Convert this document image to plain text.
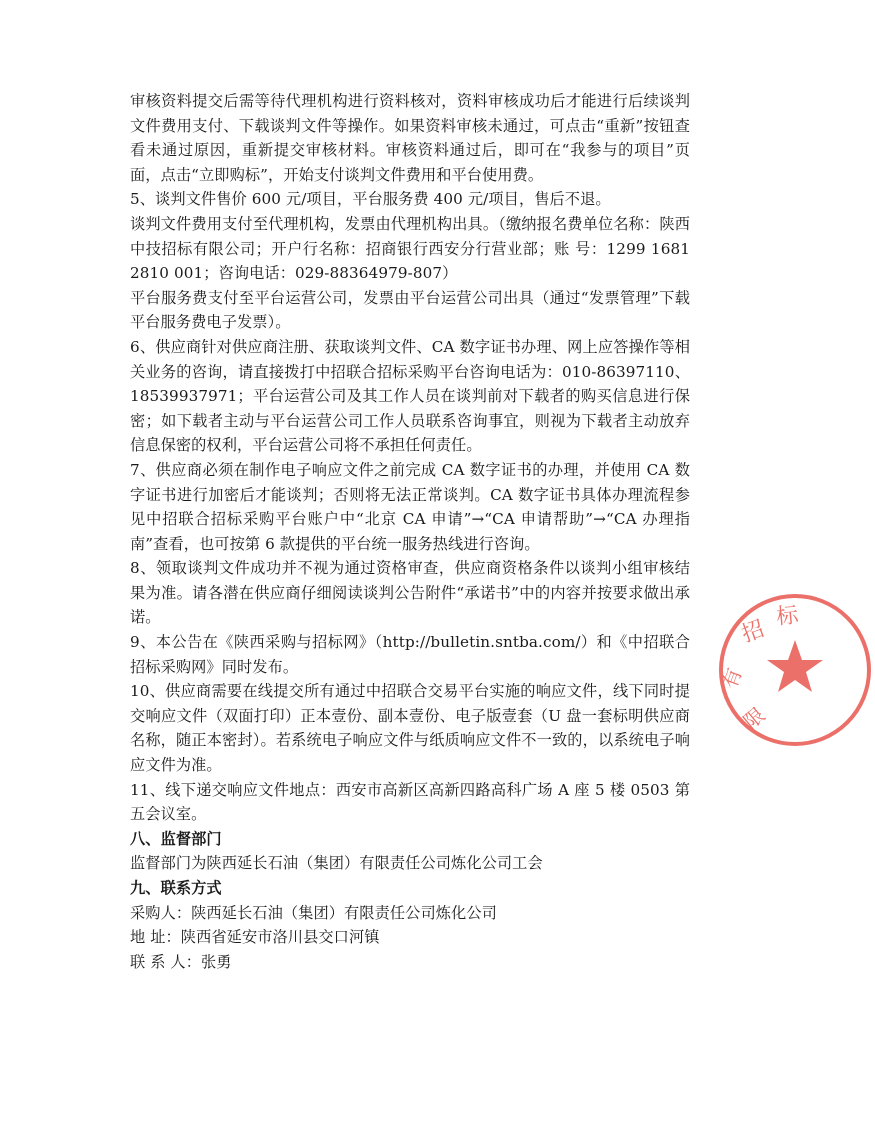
审核资料提交后需等待代理机构进行资料核对，资料审核成功后才能进行后续谈判文件费用支付、下载谈判文件等操作。如果资料审核未通过，可点击“重新”按钮查看未通过原因，重新提交审核材料。审核资料通过后，即可在“我参与的项目”页面，点击“立即购标”，开始支付谈判文件费用和平台使用费。

5、谈判文件售价 600 元/项目，平台服务费 400 元/项目，售后不退。

谈判文件费用支付至代理机构，发票由代理机构出具。（缴纳报名费单位名称：陕西中技招标有限公司；开户行名称：招商银行西安分行营业部；账 号：1299 1681 2810 001；咨询电话：029-88364979-807）

平台服务费支付至平台运营公司，发票由平台运营公司出具（通过“发票管理”下载平台服务费电子发票）。

6、供应商针对供应商注册、获取谈判文件、CA 数字证书办理、网上应答操作等相关业务的咨询，请直接拨打中招联合招标采购平台咨询电话为：010-86397110、18539937971；平台运营公司及其工作人员在谈判前对下载者的购买信息进行保密；如下载者主动与平台运营公司工作人员联系咨询事宜，则视为下载者主动放弃信息保密的权利，平台运营公司将不承担任何责任。

7、供应商必须在制作电子响应文件之前完成 CA 数字证书的办理，并使用 CA 数字证书进行加密后才能谈判；否则将无法正常谈判。CA 数字证书具体办理流程参见中招联合招标采购平台账户中“北京 CA 申请”→“CA 申请帮助”→“CA 办理指南”查看，也可按第 6 款提供的平台统一服务热线进行咨询。

8、领取谈判文件成功并不视为通过资格审查，供应商资格条件以谈判小组审核结果为准。请各潜在供应商仔细阅读谈判公告附件“承诺书”中的内容并按要求做出承诺。

9、本公告在《陕西采购与招标网》（http://bulletin.sntba.com/）和《中招联合招标采购网》同时发布。

10、供应商需要在线提交所有通过中招联合交易平台实施的响应文件，线下同时提交响应文件（双面打印）正本壹份、副本壹份、电子版壹套（U 盘一套标明供应商名称，随正本密封）。若系统电子响应文件与纸质响应文件不一致的，以系统电子响应文件为准。

11、线下递交响应文件地点：西安市高新区高新四路高科广场 A 座 5 楼 0503 第五会议室。

八、监督部门

监督部门为陕西延长石油（集团）有限责任公司炼化公司工会

九、联系方式

采购人：陕西延长石油（集团）有限责任公司炼化公司

地 址：陕西省延安市洛川县交口河镇

联 系 人：张勇

招
标
有
限
